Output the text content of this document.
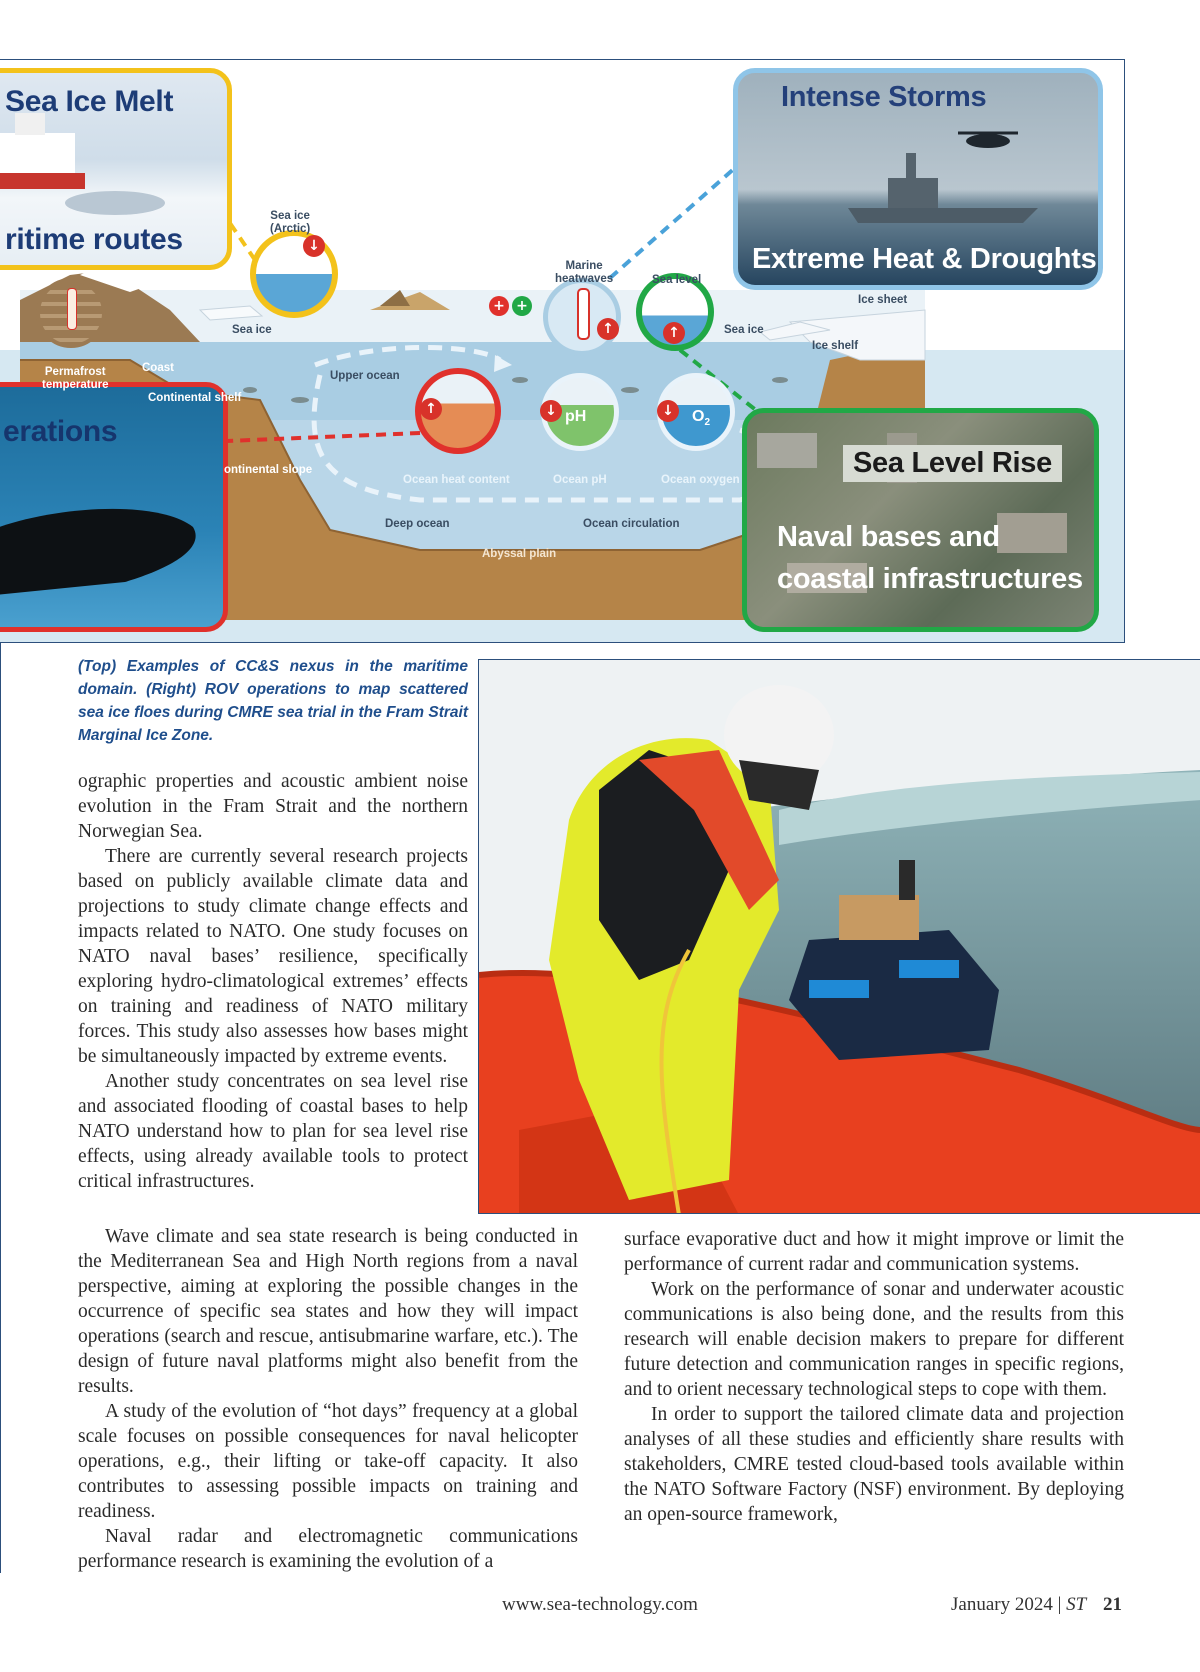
Sea Ice Melt
ritime routes
Intense Storms
Extreme Heat & Droughts
erations
Sea Level Rise
Naval bases and
coastal infrastructures
↓
↑	↑
↑	↓ pH	↓	$O_2$
+ +
Sea ice
(Arctic)
Marine
heatwaves	Sea level
Sea ice	Sea ice
Ice shelf
Ice sheet
Permafrost
temperature
Coast
Continental shelf
Upper ocean
ontinental slope
Ocean heat content	Ocean pH	Ocean oxygen
Deep ocean	Ocean circulation
Abyssal plain
(Top) Examples of CC&S nexus in the maritime domain. (Right) ROV operations to map scattered sea ice floes during CMRE sea trial in the Fram Strait Marginal Ice Zone.

ographic properties and acoustic ambient noise evolution in the Fram Strait and the northern Norwegian Sea.

There are currently several research projects based on publicly available climate data and projections to study climate change effects and impacts related to NATO. One study focuses on NATO naval bases’ resilience, specifically exploring hydro-climatological extremes’ effects on training and readiness of NATO military forces. This study also assesses how bases might be simultaneously impacted by extreme events.

Another study concentrates on sea level rise and associated flooding of coastal bases to help NATO understand how to plan for sea level rise effects, using already available tools to protect critical infrastructures.

Wave climate and sea state research is being conducted in the Mediterranean Sea and High North regions from a naval perspective, aiming at exploring the possible changes in the occurrence of specific sea states and how they will impact operations (search and rescue, antisubmarine warfare, etc.). The design of future naval platforms might also benefit from the results.

A study of the evolution of “hot days” frequency at a global scale focuses on possible consequences for naval helicopter operations, e.g., their lifting or take-off capacity. It also contributes to assessing possible impacts on training and readiness.

Naval radar and electromagnetic communications performance research is examining the evolution of a

surface evaporative duct and how it might improve or limit the performance of current radar and communication systems.

Work on the performance of sonar and underwater acoustic communications is also being done, and the results from this research will enable decision makers to prepare for different future detection and communication ranges in specific regions, and to orient necessary technological steps to cope with them.

In order to support the tailored climate data and projection analyses of all these studies and efficiently share results with stakeholders, CMRE tested cloud-based tools available within the NATO Software Factory (NSF) environment. By deploying an open-source framework,

www.sea-technology.com	January 2024 | ST 21
